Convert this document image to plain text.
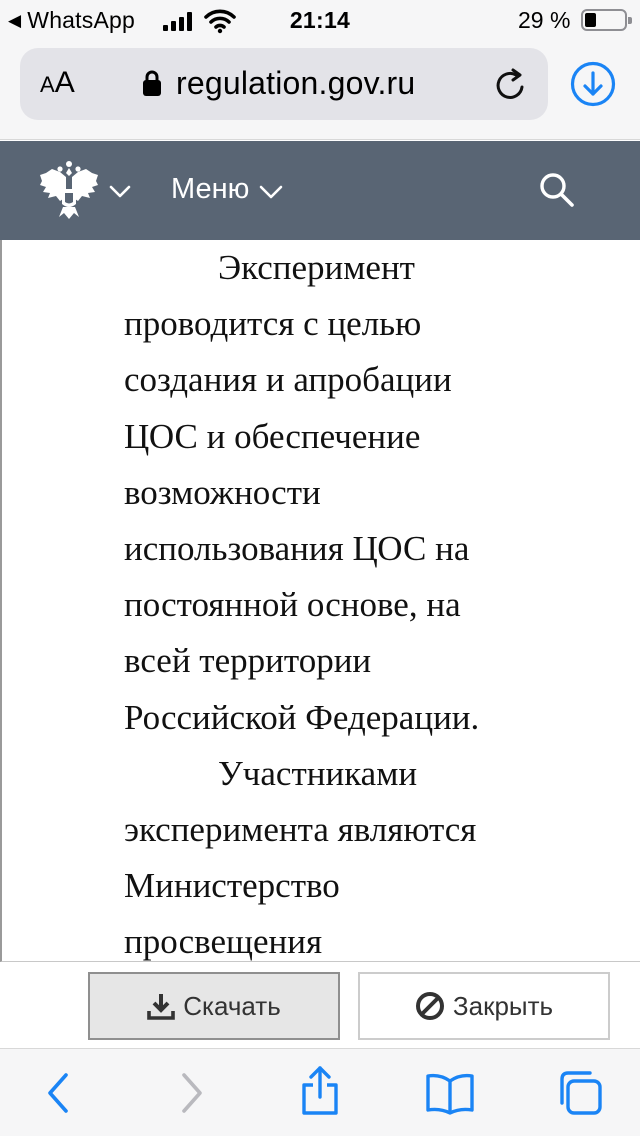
◀ WhatsApp	21:14	29 %
AA	regulation.gov.ru
Меню
Эксперимент
проводится с целью
создания и апробации
ЦОС и обеспечение
возможности
использования ЦОС на
постоянной основе, на
всей территории
Российской Федерации.
Участниками
эксперимента являются
Министерство
просвещения
Скачать	Закрыть
